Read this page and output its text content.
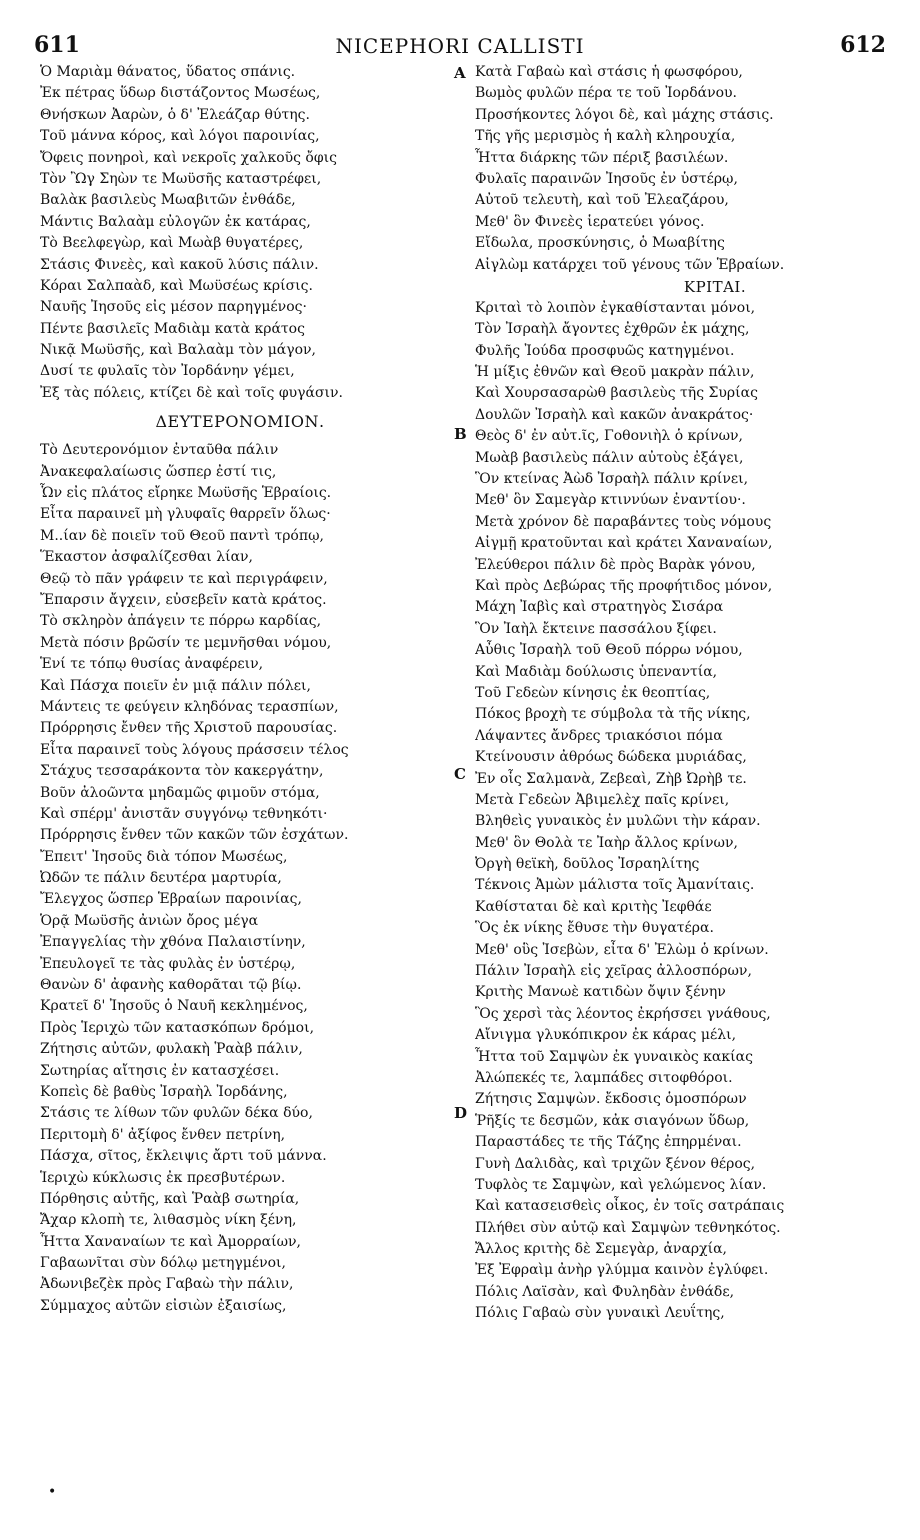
611	NICEPHORI CALLISTI	612
Ὁ Μαριὰμ θάνατος, ὕδατος σπάνις.
Ἐκ πέτρας ὕδωρ διστάζοντος Μωσέως,
Θνήσκων Ἀαρὼν, ὁ δ' Ἐλεάζαρ θύτης.
Τοῦ μάννα κόρος, καὶ λόγοι παροινίας,
Ὄφεις πονηροὶ, καὶ νεκροῖς χαλκοῦς ὄφις
Τὸν Ὢγ Σηὼν τε Μωϋσῆς καταστρέφει,
Βαλὰκ βασιλεὺς Μωαβιτῶν ἐνθάδε,
Μάντις Βαλαὰμ εὐλογῶν ἐκ κατάρας,
Τὸ Βεελφεγὼρ, καὶ Μωὰβ θυγατέρες,
Στάσις Φινεὲς, καὶ κακοῦ λύσις πάλιν.
Κόραι Σαλπαὰδ, καὶ Μωϋσέως κρίσις.
Ναυῆς Ἰησοῦς εἰς μέσον παρηγμένος·
Πέντε βασιλεῖς Μαδιὰμ κατὰ κράτος
Νικᾷ Μωϋσῆς, καὶ Βαλαὰμ τὸν μάγον,
Δυσί τε φυλαῖς τὸν Ἰορδάνην γέμει,
Ἐξ τὰς πόλεις, κτίζει δὲ καὶ τοῖς φυγάσιν.
ΔΕΥΤΕΡΟΝΟΜΙΟΝ.
Τὸ Δευτερονόμιον ἐνταῦθα πάλιν
Ἀνακεφαλαίωσις ὥσπερ ἐστί τις,
Ὧν εἰς πλάτος εἴρηκε Μωϋσῆς Ἑβραίοις.
Εἶτα παραινεῖ μὴ γλυφαῖς θαρρεῖν ὅλως·
Μ..ίαν δὲ ποιεῖν τοῦ Θεοῦ παντὶ τρόπῳ,
Ἕκαστον ἀσφαλίζεσθαι λίαν,
Θεῷ τὸ πᾶν γράφειν τε καὶ περιγράφειν,
Ἔπαρσιν ἄγχειν, εὐσεβεῖν κατὰ κράτος.
Τὸ σκληρὸν ἀπάγειν τε πόρρω καρδίας,
Μετὰ πόσιν βρῶσίν τε μεμνῆσθαι νόμου,
Ἑνί τε τόπῳ θυσίας ἀναφέρειν,
Καὶ Πάσχα ποιεῖν ἐν μιᾷ πάλιν πόλει,
Μάντεις τε φεύγειν κληδόνας τερασπίων,
Πρόρρησις ἔνθεν τῆς Χριστοῦ παρουσίας.
Εἶτα παραινεῖ τοὺς λόγους πράσσειν τέλος
Στάχυς τεσσαράκοντα τὸν κακεργάτην,
Βοῦν ἀλοῶντα μηδαμῶς φιμοῦν στόμα,
Καὶ σπέρμ' ἀνιστᾶν συγγόνῳ τεθνηκότι·
Πρόρρησις ἔνθεν τῶν κακῶν τῶν ἐσχάτων.
Ἔπειτ' Ἰησοῦς διὰ τόπον Μωσέως,
Ὠδῶν τε πάλιν δευτέρα μαρτυρία,
Ἔλεγχος ὥσπερ Ἑβραίων παροινίας,
Ὁρᾷ Μωϋσῆς ἀνιὼν ὄρος μέγα
Ἐπαγγελίας τὴν χθόνα Παλαιστίνην,
Ἐπευλογεῖ τε τὰς φυλὰς ἐν ὑστέρῳ,
Θανὼν δ' ἀφανὴς καθορᾶται τῷ βίῳ.
Κρατεῖ δ' Ἰησοῦς ὁ Ναυῆ κεκλημένος,
Πρὸς Ἱεριχὼ τῶν κατασκόπων δρόμοι,
Ζήτησις αὐτῶν, φυλακὴ Ῥαὰβ πάλιν,
Σωτηρίας αἴτησις ἐν κατασχέσει.
Κοπεὶς δὲ βαθὺς Ἰσραὴλ Ἰορδάνης,
Στάσις τε λίθων τῶν φυλῶν δέκα δύο,
Περιτομὴ δ' ἀξίφος ἔνθεν πετρίνη,
Πάσχα, σῖτος, ἔκλειψις ἄρτι τοῦ μάννα.
Ἱεριχὼ κύκλωσις ἐκ πρεσβυτέρων.
Πόρθησις αὐτῆς, καὶ Ῥαὰβ σωτηρία,
Ἄχαρ κλοπὴ τε, λιθασμὸς νίκη ξένη,
Ἧττα Χαναναίων τε καὶ Ἀμορραίων,
Γαβαωνῖται σὺν δόλῳ μετηγμένοι,
Ἀδωνιβεζὲκ πρὸς Γαβαὼ τὴν πάλιν,
Σύμμαχος αὐτῶν εἰσιὼν ἐξαισίως,
Κατὰ Γαβαὼ καὶ στάσις ἡ φωσφόρου,
Βωμὸς φυλῶν πέρα τε τοῦ Ἰορδάνου.
Προσήκοντες λόγοι δὲ, καὶ μάχης στάσις.
Τῆς γῆς μερισμὸς ἡ καλὴ κληρουχία,
Ἧττα διάρκης τῶν πέριξ βασιλέων.
Φυλαῖς παραινῶν Ἰησοῦς ἐν ὑστέρῳ,
Αὐτοῦ τελευτὴ, καὶ τοῦ Ἐλεαζάρου,
Μεθ' ὃν Φινεὲς ἱερατεύει γόνος.
Εἴδωλα, προσκύνησις, ὁ Μωαβίτης
Αἰγλὼμ κατάρχει τοῦ γένους τῶν Ἑβραίων.
ΚΡΙΤΑΙ.
Κριταὶ τὸ λοιπὸν ἐγκαθίστανται μόνοι,
Τὸν Ἰσραὴλ ἄγοντες ἐχθρῶν ἐκ μάχης,
Φυλῆς Ἰούδα προσφυῶς κατηγμένοι.
Ἡ μίξις ἐθνῶν καὶ Θεοῦ μακρὰν πάλιν,
Καὶ Χουρσασαρὼθ βασιλεὺς τῆς Συρίας
Δουλῶν Ἰσραὴλ καὶ κακῶν ἀνακράτος·
Θεὸς δ' ἐν αὐτ.ῖς, Γοθονιὴλ ὁ κρίνων,
Μωὰβ βασιλεὺς πάλιν αὐτοὺς ἐξάγει,
Ὃν κτείνας Ἀὼδ Ἰσραὴλ πάλιν κρίνει,
Μεθ' ὃν Σαμεγὰρ κτιννύων ἐναντίου·.
Μετὰ χρόνον δὲ παραβάντες τοὺς νόμους
Αἰγμῇ κρατοῦνται καὶ κράτει Χαναναίων,
Ἐλεύθεροι πάλιν δὲ πρὸς Βαρὰκ γόνου,
Καὶ πρὸς Δεβώρας τῆς προφήτιδος μόνον,
Μάχη Ἰαβὶς καὶ στρατηγὸς Σισάρα
Ὃν Ἰαὴλ ἔκτεινε πασσάλου ξίφει.
Αὖθις Ἰσραὴλ τοῦ Θεοῦ πόρρω νόμου,
Καὶ Μαδιὰμ δούλωσις ὑπεναντία,
Τοῦ Γεδεὼν κίνησις ἐκ θεοπτίας,
Πόκος βροχὴ τε σύμβολα τὰ τῆς νίκης,
Λάψαντες ἄνδρες τριακόσιοι πόμα
Κτείνουσιν ἀθρόως δώδεκα μυριάδας,
Ἐν οἷς Σαλμανὰ, Ζεβεαὶ, Ζὴβ Ὠρὴβ τε.
Μετὰ Γεδεὼν Ἀβιμελὲχ παῖς κρίνει,
Βληθεὶς γυναικὸς ἐν μυλῶνι τὴν κάραν.
Μεθ' ὃν Θολὰ τε Ἰαὴρ ἄλλος κρίνων,
Ὀργὴ θεϊκὴ, δοῦλος Ἰσραηλίτης
Τέκνοις Ἀμὼν μάλιστα τοῖς Ἀμανίταις.
Καθίσταται δὲ καὶ κριτὴς Ἰεφθάε
Ὃς ἐκ νίκης ἔθυσε τὴν θυγατέρα.
Μεθ' οὓς Ἰσεβὼν, εἶτα δ' Ἐλὼμ ὁ κρίνων.
Πάλιν Ἰσραὴλ εἰς χεῖρας ἀλλοσπόρων,
Κριτὴς Μανωὲ κατιδὼν ὄψιν ξένην
Ὃς χερσὶ τὰς λέοντος ἐκρήσσει γνάθους,
Αἴνιγμα γλυκόπικρον ἐκ κάρας μέλι,
Ἧττα τοῦ Σαμψὼν ἐκ γυναικὸς κακίας
Ἀλώπεκές τε, λαμπάδες σιτοφθόροι.
Ζήτησις Σαμψὼν. ἔκδοσις ὁμοσπόρων
Ῥῆξίς τε δεσμῶν, κἀκ σιαγόνων ὕδωρ,
Παραστάδες τε τῆς Τάζης ἐπηρμέναι.
Γυνὴ Δαλιδὰς, καὶ τριχῶν ξένον θέρος,
Τυφλὸς τε Σαμψὼν, καὶ γελώμενος λίαν.
Καὶ κατασεισθεὶς οἶκος, ἐν τοῖς σατράπαις
Πλήθει σὺν αὐτῷ καὶ Σαμψὼν τεθνηκότος.
Ἄλλος κριτὴς δὲ Σεμεγὰρ, ἀναρχία,
Ἐξ Ἐφραὶμ ἀνὴρ γλύμμα καινὸν ἐγλύφει.
Πόλις Λαϊσὰν, καὶ Φυληδὰν ἐνθάδε,
Πόλις Γαβαὼ σὺν γυναικὶ Λευΐτης,
A
B
C
D
•
